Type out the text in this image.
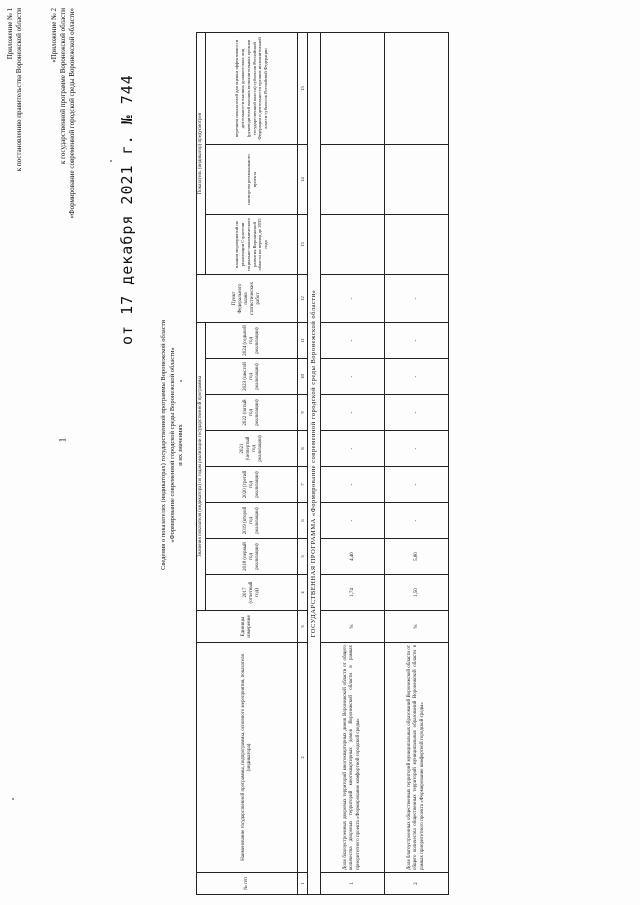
1
Приложение № 1 к постановлению правительства Воронежской области	от 17 декабря 2021 г. № 744
«Приложение № 2 к государственной программе Воронежской области «Формирование современной городской среды Воронежской области»
Сведения о показателях (индикаторах) государственной программы Воронежской области «Формирование современной городской среды Воронежской области» и их значениях
№ п/п	Наименование государственной программы, подпрограммы, основного мероприятия, показателя (индикатора)	Единицы измерения	Значения показателя (индикатора) по годам реализации государственной программы								Пункт Федерального плана статистических работ	Показатель (индикатор) предусмотрен		
			2017 (отчетный год)	2018 (первый год реализации)	2019 (второй год реализации)	2020 (третий год реализации)	2021 (четвертый год реализации)	2022 (пятый год реализации)	2023 (шестой год реализации)	2024 (седьмой год реализации)		планом мероприятий по реализации Стратегии социально-экономического развития Воронежской области на период до 2035 года	паспортом регионального проекта	перечнем показателей для оценки эффективности деятельности высших должностных лиц (руководителей высших исполнительных органов государственной власти) субъектов Российской Федерации и деятельности органов исполнительной власти субъектов Российской Федерации
1	2	3	4	5	6	7	8	9	10	11	12	13	14	15
ГОСУДАРСТВЕННАЯ ПРОГРАММА «Формирование современной городской среды Воронежской области»														
1	Доля благоустроенных дворовых территорий многоквартирных домов Воронежской области от общего количества дворовых территорий многоквартирных домов Воронежской области в рамках приоритетного проекта «Формирование комфортной городской среды»	%	1,74	4,40	-	-	-	-	-	-	-			
2	Доля благоустроенных общественных территорий муниципальных образований Воронежской области от общего количества общественных территорий муниципальных образований Воронежской области в рамках приоритетного проекта «Формирование комфортной городской среды»	%	1,50	5,80	-	-	-	-	-	-	-			
